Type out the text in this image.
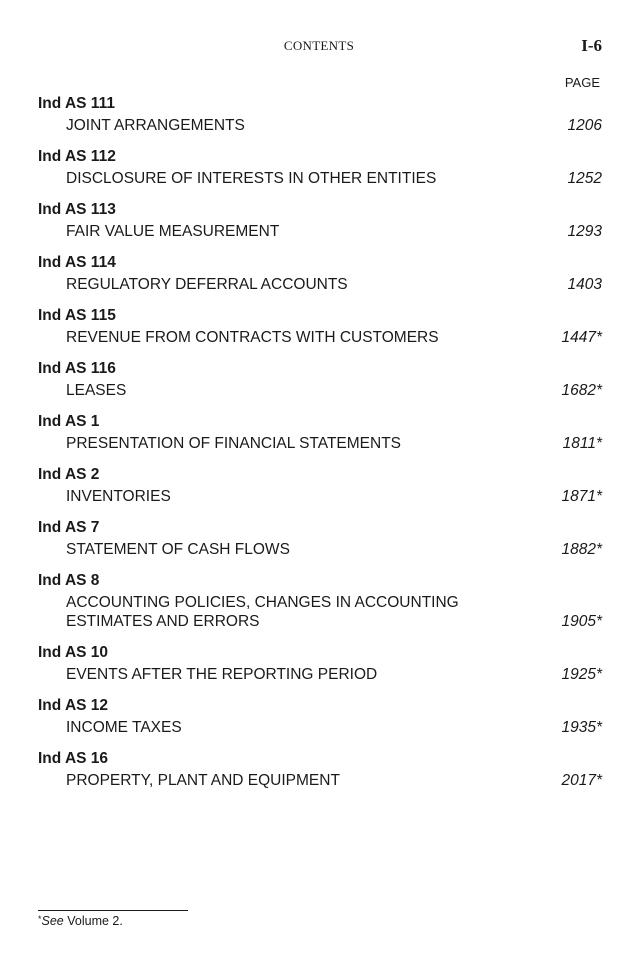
CONTENTS	I-6
PAGE
Ind AS 111
JOINT ARRANGEMENTS	1206
Ind AS 112
DISCLOSURE OF INTERESTS IN OTHER ENTITIES	1252
Ind AS 113
FAIR VALUE MEASUREMENT	1293
Ind AS 114
REGULATORY DEFERRAL ACCOUNTS	1403
Ind AS 115
REVENUE FROM CONTRACTS WITH CUSTOMERS	1447*
Ind AS 116
LEASES	1682*
Ind AS 1
PRESENTATION OF FINANCIAL STATEMENTS	1811*
Ind AS 2
INVENTORIES	1871*
Ind AS 7
STATEMENT OF CASH FLOWS	1882*
Ind AS 8
ACCOUNTING POLICIES, CHANGES IN ACCOUNTING
ESTIMATES AND ERRORS	1905*
Ind AS 10
EVENTS AFTER THE REPORTING PERIOD	1925*
Ind AS 12
INCOME TAXES	1935*
Ind AS 16
PROPERTY, PLANT AND EQUIPMENT	2017*
*See Volume 2.
